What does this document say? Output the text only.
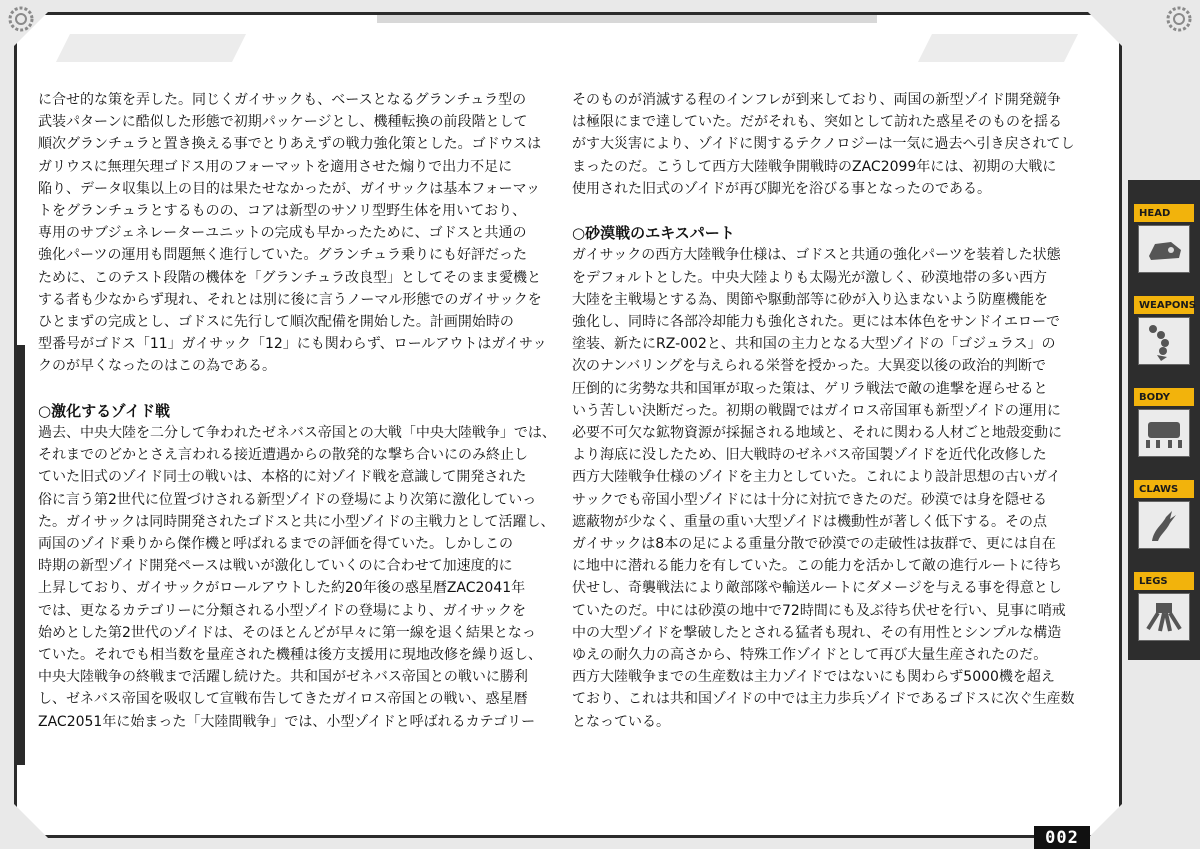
に合せ的な策を弄した。同じくガイサックも、ベースとなるグランチュラ型の

武装パターンに酷似した形態で初期パッケージとし、機種転換の前段階として

順次グランチュラと置き換える事でとりあえずの戦力強化策とした。ゴドウスは

ガリウスに無理矢理ゴドス用のフォーマットを適用させた煽りで出力不足に

陥り、データ収集以上の目的は果たせなかったが、ガイサックは基本フォーマッ

トをグランチュラとするものの、コアは新型のサソリ型野生体を用いており、

専用のサブジェネレーターユニットの完成も早かったために、ゴドスと共通の

強化パーツの運用も問題無く進行していた。グランチュラ乗りにも好評だった

ために、このテスト段階の機体を「グランチュラ改良型」としてそのまま愛機と

する者も少なからず現れ、それとは別に後に言うノーマル形態でのガイサックを

ひとまずの完成とし、ゴドスに先行して順次配備を開始した。計画開始時の

型番号がゴドス「11」ガイサック「12」にも関わらず、ロールアウトはガイサッ

クのが早くなったのはこの為である。

○激化するゾイド戦

過去、中央大陸を二分して争われたゼネバス帝国との大戦「中央大陸戦争」では、

それまでのどかとさえ言われる接近遭遇からの散発的な撃ち合いにのみ終止し

ていた旧式のゾイド同士の戦いは、本格的に対ゾイド戦を意識して開発された

俗に言う第2世代に位置づけされる新型ゾイドの登場により次第に激化していっ

た。ガイサックは同時開発されたゴドスと共に小型ゾイドの主戦力として活躍し、

両国のゾイド乗りから傑作機と呼ばれるまでの評価を得ていた。しかしこの

時期の新型ゾイド開発ペースは戦いが激化していくのに合わせて加速度的に

上昇しており、ガイサックがロールアウトした約20年後の惑星暦ZAC2041年

では、更なるカテゴリーに分類される小型ゾイドの登場により、ガイサックを

始めとした第2世代のゾイドは、そのほとんどが早々に第一線を退く結果となっ

ていた。それでも相当数を量産された機種は後方支援用に現地改修を繰り返し、

中央大陸戦争の終戦まで活躍し続けた。共和国がゼネバス帝国との戦いに勝利

し、ゼネバス帝国を吸収して宣戦布告してきたガイロス帝国との戦い、惑星暦

ZAC2051年に始まった「大陸間戦争」では、小型ゾイドと呼ばれるカテゴリー

そのものが消滅する程のインフレが到来しており、両国の新型ゾイド開発競争

は極限にまで達していた。だがそれも、突如として訪れた惑星そのものを揺る

がす大災害により、ゾイドに関するテクノロジーは一気に過去へ引き戻されてし

まったのだ。こうして西方大陸戦争開戦時のZAC2099年には、初期の大戦に

使用された旧式のゾイドが再び脚光を浴びる事となったのである。

○砂漠戦のエキスパート

ガイサックの西方大陸戦争仕様は、ゴドスと共通の強化パーツを装着した状態

をデフォルトとした。中央大陸よりも太陽光が激しく、砂漠地帯の多い西方

大陸を主戦場とする為、関節や駆動部等に砂が入り込まないよう防塵機能を

強化し、同時に各部冷却能力も強化された。更には本体色をサンドイエローで

塗装、新たにRZ-002と、共和国の主力となる大型ゾイドの「ゴジュラス」の

次のナンバリングを与えられる栄誉を授かった。大異変以後の政治的判断で

圧倒的に劣勢な共和国軍が取った策は、ゲリラ戦法で敵の進撃を遅らせると

いう苦しい決断だった。初期の戦闘ではガイロス帝国軍も新型ゾイドの運用に

必要不可欠な鉱物資源が採掘される地域と、それに関わる人材ごと地殻変動に

より海底に没したため、旧大戦時のゼネバス帝国製ゾイドを近代化改修した

西方大陸戦争仕様のゾイドを主力としていた。これにより設計思想の古いガイ

サックでも帝国小型ゾイドには十分に対抗できたのだ。砂漠では身を隠せる

遮蔽物が少なく、重量の重い大型ゾイドは機動性が著しく低下する。その点

ガイサックは8本の足による重量分散で砂漠での走破性は抜群で、更には自在

に地中に潜れる能力を有していた。この能力を活かして敵の進行ルートに待ち

伏せし、奇襲戦法により敵部隊や輸送ルートにダメージを与える事を得意とし

ていたのだ。中には砂漠の地中で72時間にも及ぶ待ち伏せを行い、見事に哨戒

中の大型ゾイドを撃破したとされる猛者も現れ、その有用性とシンプルな構造

ゆえの耐久力の高さから、特殊工作ゾイドとして再び大量生産されたのだ。

西方大陸戦争までの生産数は主力ゾイドではないにも関わらず5000機を超え

ており、これは共和国ゾイドの中では主力歩兵ゾイドであるゴドスに次ぐ生産数

となっている。

HEAD
WEAPONS
BODY
CLAWS
LEGS
002
